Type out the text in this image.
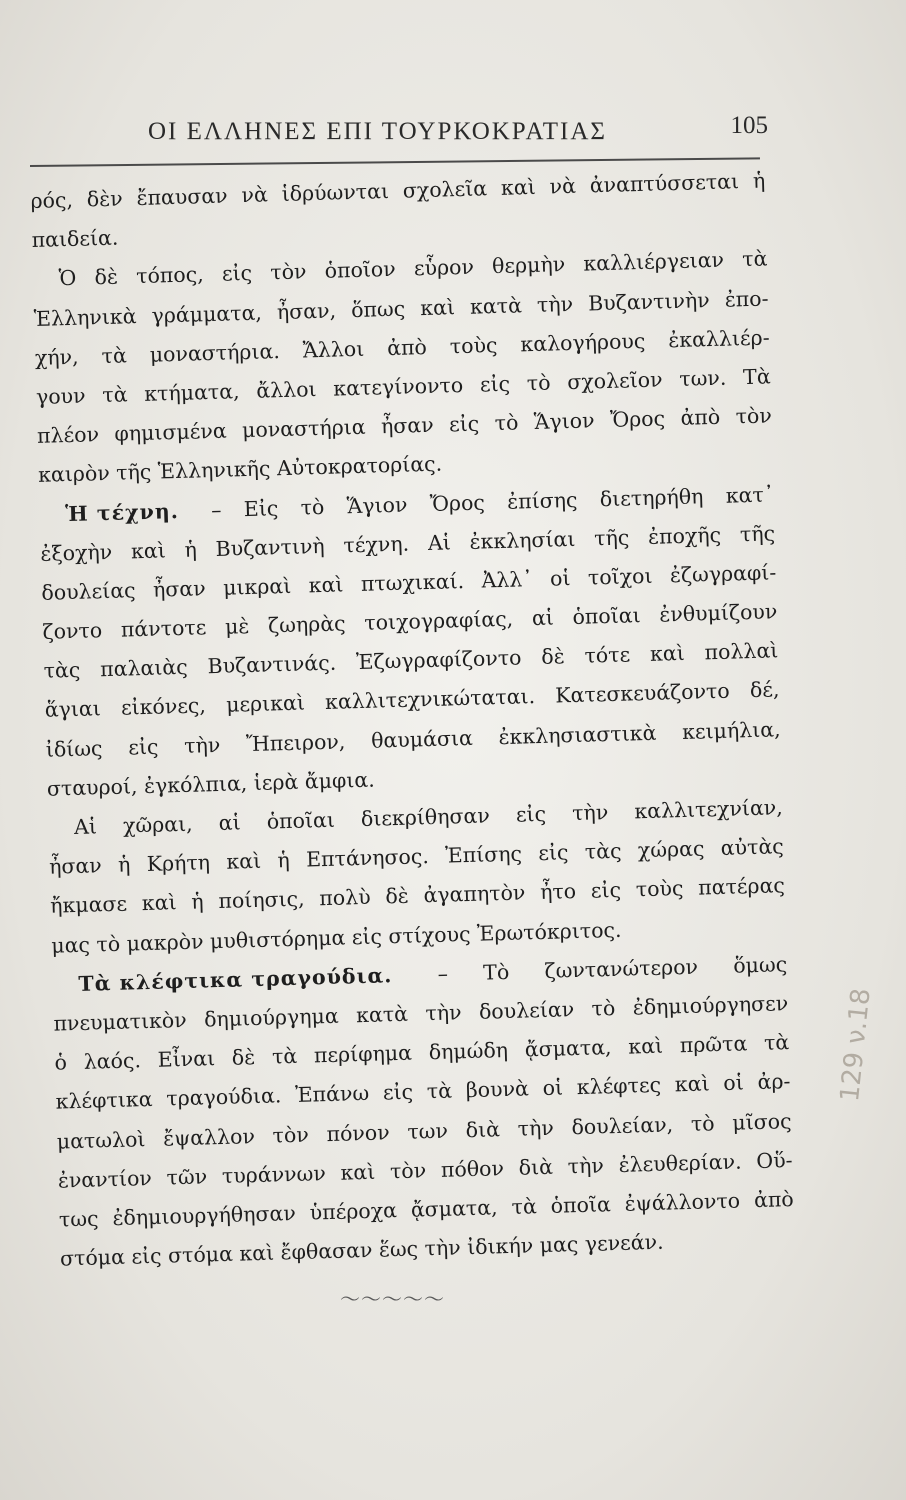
ΟΙ ΕΛΛΗΝΕΣ ΕΠΙ ΤΟΥΡΚΟΚΡΑΤΙΑΣ	105
ρός, δὲν ἔπαυσαν νὰ ἱδρύωνται σχολεῖα καὶ νὰ ἀναπτύσσεται ἡ
παιδεία.
Ὁ δὲ τόπος, εἰς τὸν ὁποῖον εὗρον θερμὴν καλλιέργειαν τὰ
Ἑλληνικὰ γράμματα, ἦσαν, ὅπως καὶ κατὰ τὴν Βυζαντινὴν ἐπο-
χήν, τὰ μοναστήρια. Ἄλλοι ἀπὸ τοὺς καλογήρους ἐκαλλιέρ-
γουν τὰ κτήματα, ἄλλοι κατεγίνοντο εἰς τὸ σχολεῖον των. Τὰ
πλέον φημισμένα μοναστήρια ἦσαν εἰς τὸ Ἅγιον Ὄρος ἀπὸ τὸν
καιρὸν τῆς Ἑλληνικῆς Αὐτοκρατορίας.
Ἡ τέχνη. – Εἰς τὸ Ἅγιον Ὄρος ἐπίσης διετηρήθη κατ᾽
ἐξοχὴν καὶ ἡ Βυζαντινὴ τέχνη. Αἱ ἐκκλησίαι τῆς ἐποχῆς τῆς
δουλείας ἦσαν μικραὶ καὶ πτωχικαί. Ἀλλ᾽ οἱ τοῖχοι ἐζωγραφί-
ζοντο πάντοτε μὲ ζωηρὰς τοιχογραφίας, αἱ ὁποῖαι ἐνθυμίζουν
τὰς παλαιὰς Βυζαντινάς. Ἐζωγραφίζοντο δὲ τότε καὶ πολλαὶ
ἅγιαι εἰκόνες, μερικαὶ καλλιτεχνικώταται. Κατεσκευάζοντο δέ,
ἰδίως εἰς τὴν Ἤπειρον, θαυμάσια ἐκκλησιαστικὰ κειμήλια,
σταυροί, ἐγκόλπια, ἱερὰ ἄμφια.
Αἱ χῶραι, αἱ ὁποῖαι διεκρίθησαν εἰς τὴν καλλιτεχνίαν,
ἦσαν ἡ Κρήτη καὶ ἡ Επτάνησος. Ἐπίσης εἰς τὰς χώρας αὐτὰς
ἤκμασε καὶ ἡ ποίησις, πολὺ δὲ ἀγαπητὸν ἦτο εἰς τοὺς πατέρας
μας τὸ μακρὸν μυθιστόρημα εἰς στίχους Ἐρωτόκριτος.
Τὰ κλέφτικα τραγούδια. – Τὸ ζωντανώτερον ὅμως
πνευματικὸν δημιούργημα κατὰ τὴν δουλείαν τὸ ἐδημιούργησεν
ὁ λαός. Εἶναι δὲ τὰ περίφημα δημώδη ᾄσματα, καὶ πρῶτα τὰ
κλέφτικα τραγούδια. Ἐπάνω εἰς τὰ βουνὰ οἱ κλέφτες καὶ οἱ ἀρ-
ματωλοὶ ἔψαλλον τὸν πόνον των διὰ τὴν δουλείαν, τὸ μῖσος
ἐναντίον τῶν τυράννων καὶ τὸν πόθον διὰ τὴν ἐλευθερίαν. Οὕ-
τως ἐδημιουργήθησαν ὑπέροχα ᾄσματα, τὰ ὁποῖα ἐψάλλοντο ἀπὸ
στόμα εἰς στόμα καὶ ἔφθασαν ἕως τὴν ἰδικήν μας γενεάν.
〜〜〜〜〜
129 ν.18
